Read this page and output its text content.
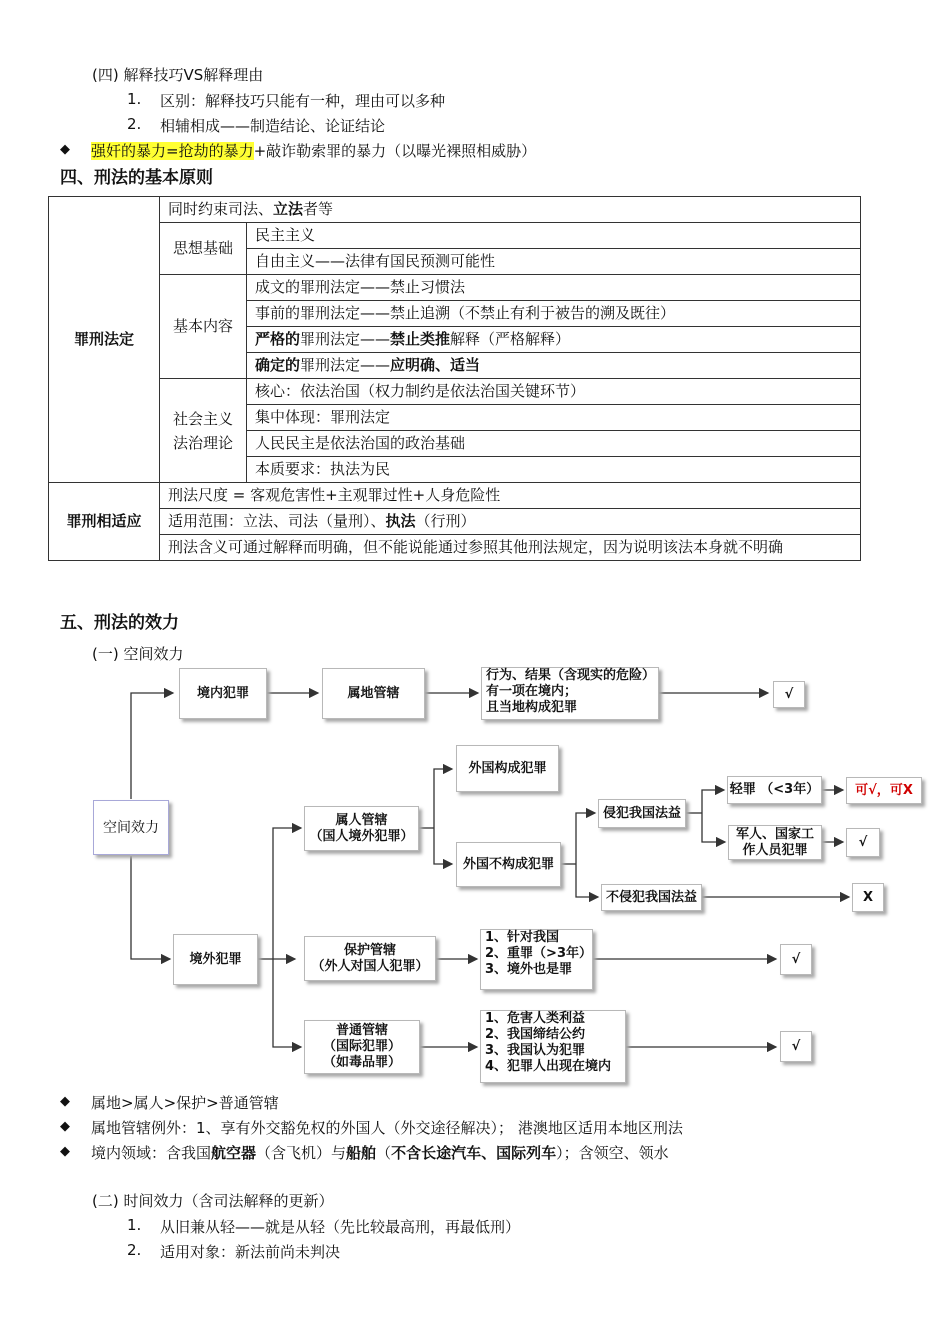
(四) 解释技巧VS解释理由
1. 区别：解释技巧只能有一种，理由可以多种
2. 相辅相成——制造结论、论证结论
◆ 强奸的暴力=抢劫的暴力+敲诈勒索罪的暴力（以曝光裸照相威胁）
四、刑法的基本原则
罪刑法定	同时约束司法、立法者等	
	思想基础	民主主义
		自由主义——法律有国民预测可能性
	基本内容	成文的罪刑法定——禁止习惯法
		事前的罪刑法定——禁止追溯（不禁止有利于被告的溯及既往）
		严格的罪刑法定——禁止类推解释（严格解释）
		确定的罪刑法定——应明确、适当
	社会主义
法治理论	核心：依法治国（权力制约是依法治国关键环节）
		集中体现：罪刑法定
		人民民主是依法治国的政治基础
		本质要求：执法为民
罪刑相适应	刑法尺度 = 客观危害性+主观罪过性+人身危险性	
	适用范围：立法、司法（量刑）、执法（行刑）	
	刑法含义可通过解释而明确，但不能说能通过参照其他刑法规定，因为说明该法本身就不明确	
五、刑法的效力
(一) 空间效力
空间效力
境内犯罪	属地管辖
行为、结果（含现实的危险）
有一项在境内；
且当地构成犯罪
√
境外犯罪
属人管辖
（国人境外犯罪）
外国构成犯罪
外国不构成犯罪
侵犯我国法益
不侵犯我国法益
轻罪 （<3年）
军人、国家工
作人员犯罪
可√， 可X
√
X
保护管辖
（外人对国人犯罪）
1、针对我国
2、重罪（>3年）
3、境外也是罪
√
普通管辖
（国际犯罪）
（如毒品罪）
1、危害人类利益
2、我国缔结公约
3、我国认为犯罪
4、犯罪人出现在境内
√
◆ 属地>属人>保护>普通管辖
◆ 属地管辖例外：1、享有外交豁免权的外国人（外交途径解决）； 港澳地区适用本地区刑法
◆ 境内领域：含我国航空器（含飞机）与船舶（不含长途汽车、国际列车）；含领空、领水
(二) 时间效力（含司法解释的更新）
1. 从旧兼从轻——就是从轻（先比较最高刑，再最低刑）
2. 适用对象：新法前尚未判决
